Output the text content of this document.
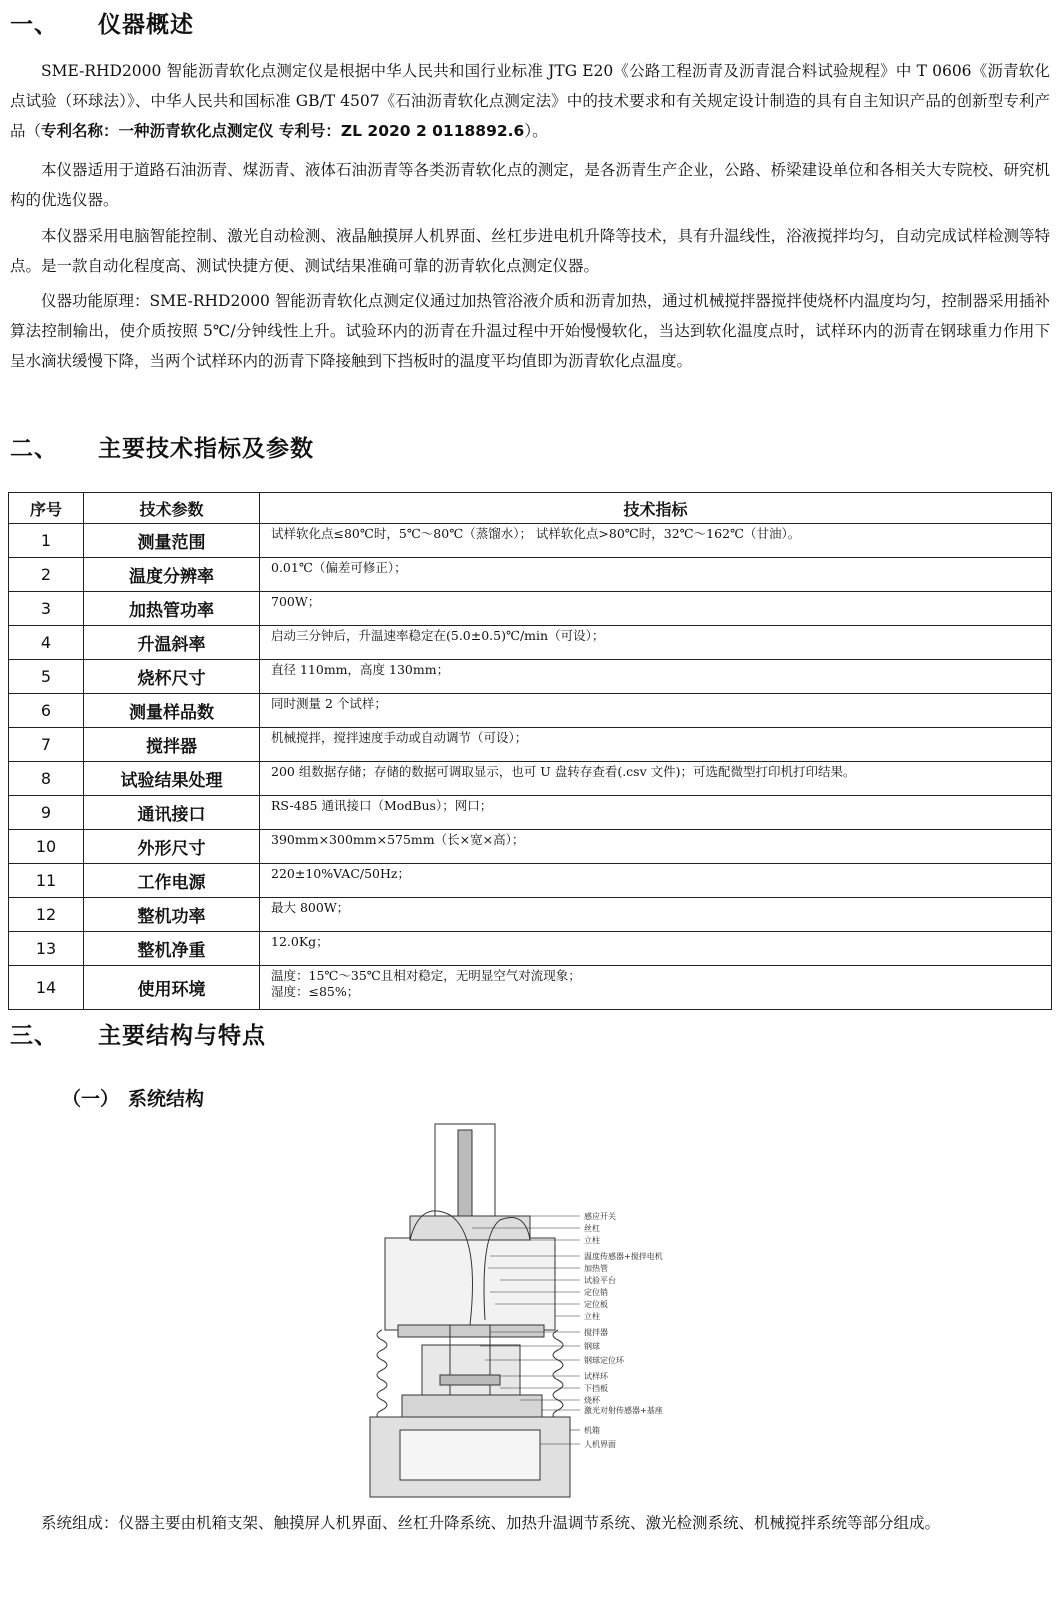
一、 仪器概述
SME-RHD2000 智能沥青软化点测定仪是根据中华人民共和国行业标准 JTG E20《公路工程沥青及沥青混合料试验规程》中 T 0606《沥青软化点试验（环球法）》、中华人民共和国标准 GB/T 4507《石油沥青软化点测定法》中的技术要求和有关规定设计制造的具有自主知识产品的创新型专利产品（专利名称：一种沥青软化点测定仪 专利号：ZL 2020 2 0118892.6）。
本仪器适用于道路石油沥青、煤沥青、液体石油沥青等各类沥青软化点的测定，是各沥青生产企业，公路、桥梁建设单位和各相关大专院校、研究机构的优选仪器。
本仪器采用电脑智能控制、激光自动检测、液晶触摸屏人机界面、丝杠步进电机升降等技术，具有升温线性，浴液搅拌均匀，自动完成试样检测等特点。是一款自动化程度高、测试快捷方便、测试结果准确可靠的沥青软化点测定仪器。
仪器功能原理：SME-RHD2000 智能沥青软化点测定仪通过加热管浴液介质和沥青加热，通过机械搅拌器搅拌使烧杯内温度均匀，控制器采用插补算法控制输出，使介质按照 5℃/分钟线性上升。试验环内的沥青在升温过程中开始慢慢软化，当达到软化温度点时，试样环内的沥青在钢球重力作用下呈水滴状缓慢下降，当两个试样环内的沥青下降接触到下挡板时的温度平均值即为沥青软化点温度。
二、 主要技术指标及参数
序号	技术参数	技术指标
1	测量范围	试样软化点≤80℃时，5℃～80℃（蒸馏水）； 试样软化点>80℃时，32℃～162℃（甘油）。
2	温度分辨率	0.01℃（偏差可修正）；
3	加热管功率	700W；
4	升温斜率	启动三分钟后，升温速率稳定在(5.0±0.5)℃/min（可设）；
5	烧杯尺寸	直径 110mm，高度 130mm；
6	测量样品数	同时测量 2 个试样；
7	搅拌器	机械搅拌，搅拌速度手动或自动调节（可设）；
8	试验结果处理	200 组数据存储；存储的数据可调取显示，也可 U 盘转存查看(.csv 文件)；可选配微型打印机打印结果。
9	通讯接口	RS-485 通讯接口（ModBus）；网口；
10	外形尺寸	390mm×300mm×575mm（长×宽×高）；
11	工作电源	220±10%VAC/50Hz；
12	整机功率	最大 800W；
13	整机净重	12.0Kg；
14	使用环境	温度：15℃～35℃且相对稳定，无明显空气对流现象；
湿度：≤85%；
三、 主要结构与特点
（一） 系统结构
感应开关
丝杠
立柱
温度传感器+搅拌电机
加热管
试验平台
定位销
定位板
立柱
搅拌器
钢球
钢球定位环
试样环
下挡板
烧杯
激光对射传感器+基座
机箱
人机界面
系统组成：仪器主要由机箱支架、触摸屏人机界面、丝杠升降系统、加热升温调节系统、激光检测系统、机械搅拌系统等部分组成。
